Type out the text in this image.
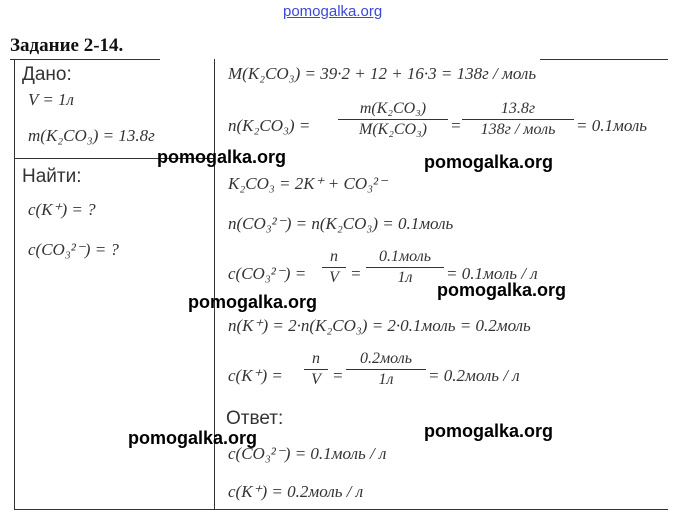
pomogalka.org
Задание 2-14.
Дано:
V = 1л
m(K₂CO₃) = 13.8г
Найти:
c(K⁺) = ?
c(CO₃²⁻) = ?
M(K₂CO₃) = 39·2 + 12 + 16·3 = 138г / моль
n(K₂CO₃) =
m(K₂CO₃)
M(K₂CO₃)	=
13.8г
138г / моль	= 0.1моль
K₂CO₃ = 2K⁺ + CO₃²⁻
n(CO₃²⁻) = n(K₂CO₃) = 0.1моль
c(CO₃²⁻) =
n
V =
0.1моль
1л	= 0.1моль / л
n(K⁺) = 2·n(K₂CO₃) = 2·0.1моль = 0.2моль
c(K⁺) =
n
V =
0.2моль
1л	= 0.2моль / л
Ответ:
c(CO₃²⁻) = 0.1моль / л
c(K⁺) = 0.2моль / л
pomogalka.org	pomogalka.org
pomogalka.org
pomogalka.org
pomogalka.org	pomogalka.org
